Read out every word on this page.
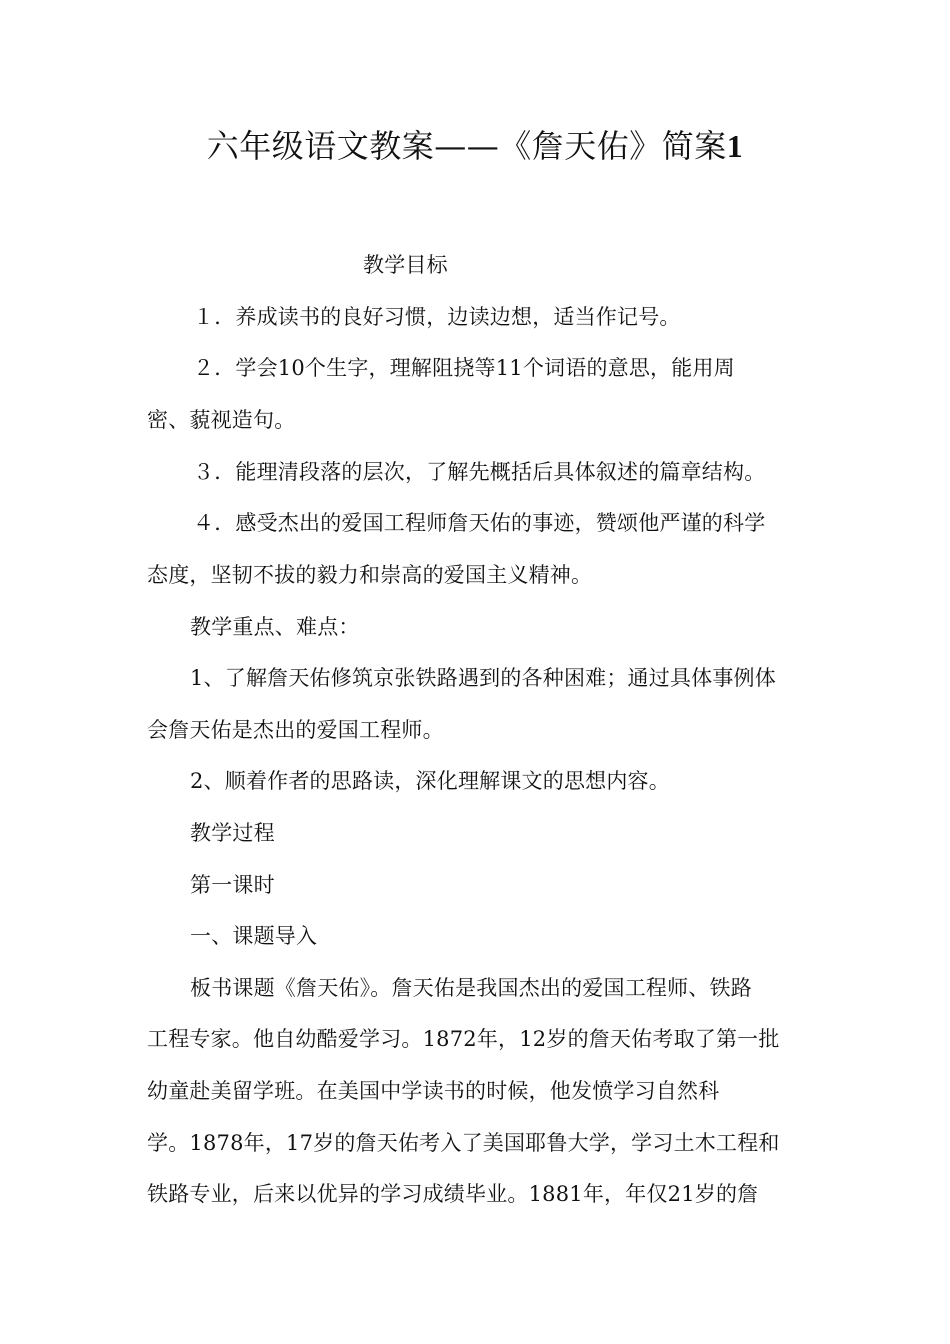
六年级语文教案——《詹天佑》简案1
教学目标
１．养成读书的良好习惯，边读边想，适当作记号。
２．学会10个生字，理解阻挠等11个词语的意思，能用周
密、藐视造句。
３．能理清段落的层次，了解先概括后具体叙述的篇章结构。
４．感受杰出的爱国工程师詹天佑的事迹，赞颂他严谨的科学
态度，坚韧不拔的毅力和崇高的爱国主义精神。
教学重点、难点：
1、了解詹天佑修筑京张铁路遇到的各种困难；通过具体事例体
会詹天佑是杰出的爱国工程师。
2、顺着作者的思路读，深化理解课文的思想内容。
教学过程
第一课时
一、课题导入
板书课题《詹天佑》。詹天佑是我国杰出的爱国工程师、铁路
工程专家。他自幼酷爱学习。1872年，12岁的詹天佑考取了第一批
幼童赴美留学班。在美国中学读书的时候，他发愤学习自然科
学。1878年，17岁的詹天佑考入了美国耶鲁大学，学习土木工程和
铁路专业，后来以优异的学习成绩毕业。1881年，年仅21岁的詹
